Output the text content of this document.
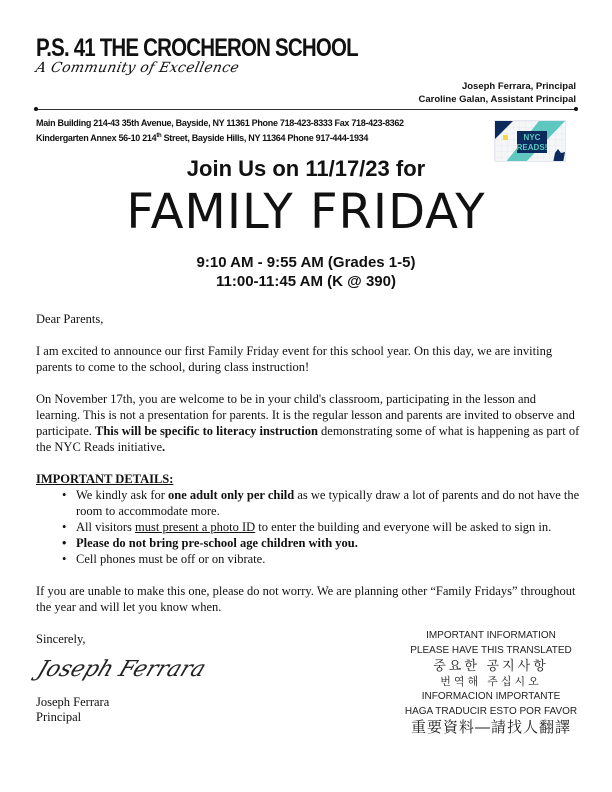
P.S. 41 THE CROCHERON SCHOOL
A Community of Excellence
Joseph Ferrara, Principal
Caroline Galan, Assistant Principal
Main Building 214-43 35th Avenue, Bayside, NY 11361 Phone 718-423-8333 Fax 718-423-8362
Kindergarten Annex 56-10 214th Street, Bayside Hills, NY 11364 Phone 917-444-1934	NYC
READS!
Join Us on 11/17/23 for
FAMILY FRIDAY
9:10 AM - 9:55 AM (Grades 1-5)
11:00-11:45 AM (K @ 390)

Dear Parents,

I am excited to announce our first Family Friday event for this school year. On this day, we are inviting parents to come to the school, during class instruction!

On November 17th, you are welcome to be in your child's classroom, participating in the lesson and learning. This is not a presentation for parents. It is the regular lesson and parents are invited to observe and participate. This will be specific to literacy instruction demonstrating some of what is happening as part of the NYC Reads initiative.

IMPORTANT DETAILS:
• We kindly ask for one adult only per child as we typically draw a lot of parents and do not have the room to accommodate more.
• All visitors must present a photo ID to enter the building and everyone will be asked to sign in.
• Please do not bring pre-school age children with you.
• Cell phones must be off or on vibrate.

If you are unable to make this one, please do not worry. We are planning other “Family Fridays” throughout the year and will let you know when.

Sincerely,
Joseph Ferrara
Joseph Ferrara
Principal
IMPORTANT INFORMATION
PLEASE HAVE THIS TRANSLATED
중요한 공지사항
번역해 주십시오
INFORMACION IMPORTANTE
HAGA TRADUCIR ESTO POR FAVOR
重要資料—請找人翻譯
